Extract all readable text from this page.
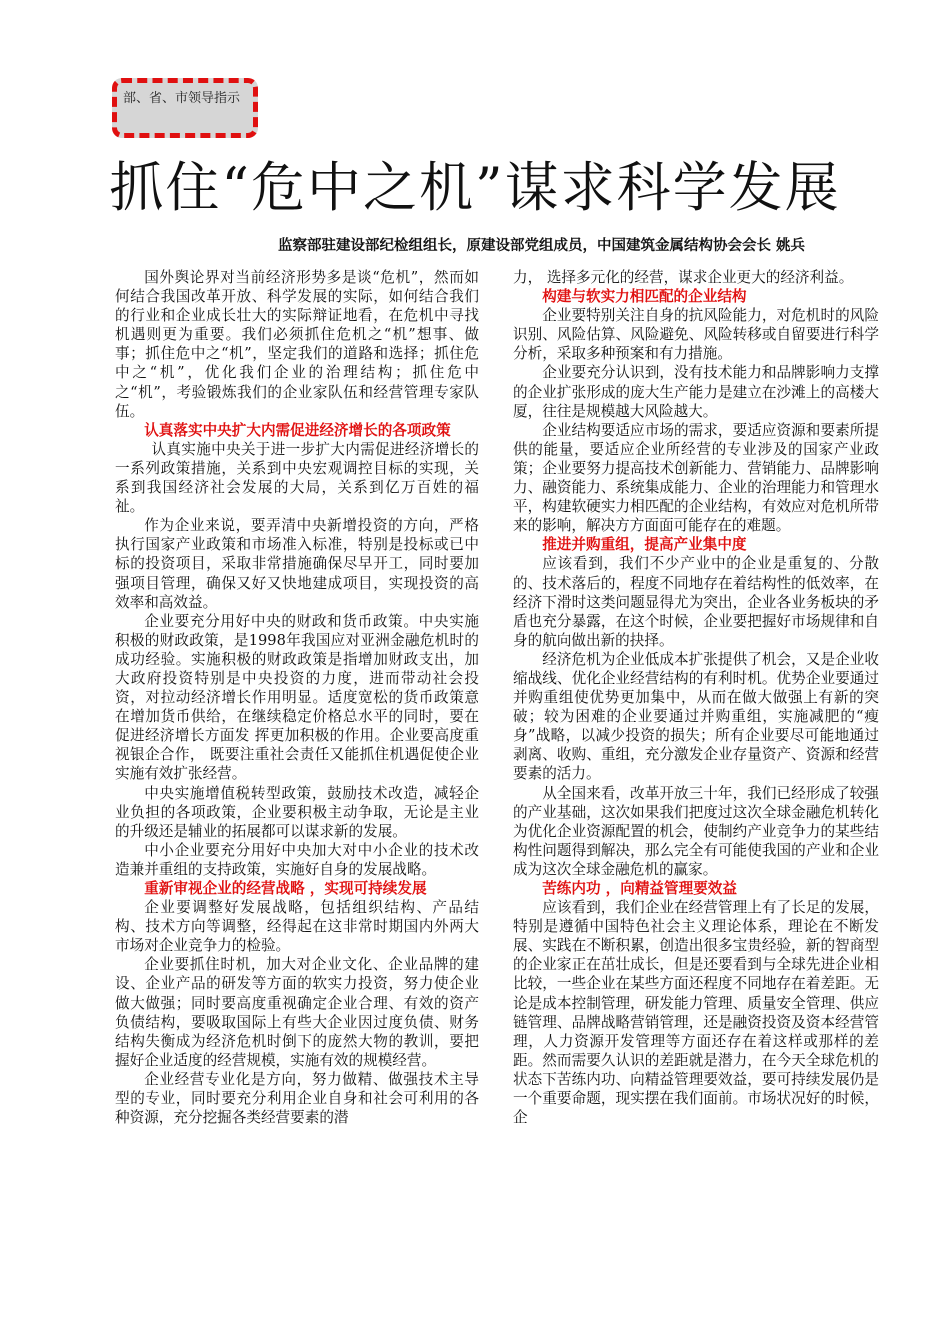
部、省、市领导指示
抓住“危中之机”谋求科学发展
监察部驻建设部纪检组组长，原建设部党组成员，中国建筑金属结构协会会长 姚兵

国外舆论界对当前经济形势多是谈“危机”，然而如何结合我国改革开放、科学发展的实际，如何结合我们的行业和企业成长壮大的实际辩证地看，在危机中寻找机遇则更为重要。我们必须抓住危机之“机”想事、做事；抓住危中之“机”，坚定我们的道路和选择；抓住危中之“机”，优化我们企业的治理结构；抓住危中之“机”，考验锻炼我们的企业家队伍和经营管理专家队伍。

认真落实中央扩大内需促进经济增长的各项政策

认真实施中央关于进一步扩大内需促进经济增长的一系列政策措施，关系到中央宏观调控目标的实现，关系到我国经济社会发展的大局，关系到亿万百姓的福祉。

作为企业来说，要弄清中央新增投资的方向，严格执行国家产业政策和市场准入标准，特别是投标或已中标的投资项目，采取非常措施确保尽早开工，同时要加强项目管理，确保又好又快地建成项目，实现投资的高效率和高效益。

企业要充分用好中央的财政和货币政策。中央实施积极的财政政策，是1998年我国应对亚洲金融危机时的成功经验。实施积极的财政政策是指增加财政支出，加大政府投资特别是中央投资的力度，进而带动社会投资，对拉动经济增长作用明显。适度宽松的货币政策意在增加货币供给，在继续稳定价格总水平的同时，要在促进经济增长方面发 挥更加积极的作用。企业要高度重视银企合作， 既要注重社会责任又能抓住机遇促使企业实施有效扩张经营。

中央实施增值税转型政策，鼓励技术改造，减轻企业负担的各项政策，企业要积极主动争取，无论是主业的升级还是辅业的拓展都可以谋求新的发展。

中小企业要充分用好中央加大对中小企业的技术改造兼并重组的支持政策，实施好自身的发展战略。

重新审视企业的经营战略 ，实现可持续发展

企业要调整好发展战略，包括组织结构、产品结构、技术方向等调整，经得起在这非常时期国内外两大市场对企业竞争力的检验。

企业要抓住时机，加大对企业文化、企业品牌的建设、企业产品的研发等方面的软实力投资，努力使企业做大做强；同时要高度重视确定企业合理、有效的资产负债结构，要吸取国际上有些大企业因过度负债、财务结构失衡成为经济危机时倒下的庞然大物的教训，要把握好企业适度的经营规模，实施有效的规模经营。

企业经营专业化是方向，努力做精、做强技术主导型的专业，同时要充分利用企业自身和社会可利用的各种资源，充分挖掘各类经营要素的潜

力， 选择多元化的经营，谋求企业更大的经济利益。

构建与软实力相匹配的企业结构

企业要特别关注自身的抗风险能力，对危机时的风险识别、风险估算、风险避免、风险转移或自留要进行科学分析，采取多种预案和有力措施。

企业要充分认识到，没有技术能力和品牌影响力支撑的企业扩张形成的庞大生产能力是建立在沙滩上的高楼大厦，往往是规模越大风险越大。

企业结构要适应市场的需求，要适应资源和要素所提供的能量，要适应企业所经营的专业涉及的国家产业政策；企业要努力提高技术创新能力、营销能力、品牌影响力、融资能力、系统集成能力、企业的治理能力和管理水平，构建软硬实力相匹配的企业结构，有效应对危机所带来的影响，解决方方面面可能存在的难题。

推进并购重组，提高产业集中度

应该看到，我们不少产业中的企业是重复的、分散的、技术落后的，程度不同地存在着结构性的低效率，在经济下滑时这类问题显得尤为突出，企业各业务板块的矛盾也充分暴露，在这个时候，企业要把握好市场规律和自身的航向做出新的抉择。

经济危机为企业低成本扩张提供了机会，又是企业收缩战线、优化企业经营结构的有利时机。优势企业要通过并购重组使优势更加集中，从而在做大做强上有新的突破；较为困难的企业要通过并购重组，实施减肥的“瘦身”战略，以减少投资的损失；所有企业要尽可能地通过剥离、收购、重组，充分激发企业存量资产、资源和经营要素的活力。

从全国来看，改革开放三十年，我们已经形成了较强的产业基础，这次如果我们把度过这次全球金融危机转化为优化企业资源配置的机会，使制约产业竞争力的某些结构性问题得到解决，那么完全有可能使我国的产业和企业成为这次全球金融危机的赢家。

苦练内功 ，向精益管理要效益

应该看到，我们企业在经营管理上有了长足的发展，特别是遵循中国特色社会主义理论体系，理论在不断发展、实践在不断积累，创造出很多宝贵经验，新的智商型的企业家正在茁壮成长，但是还要看到与全球先进企业相比较，一些企业在某些方面还程度不同地存在着差距。无论是成本控制管理，研发能力管理、质量安全管理、供应链管理、品牌战略营销管理，还是融资投资及资本经营管 理，人力资源开发管理等方面还存在着这样或那样的差距。然而需要久认识的差距就是潜力，在今天全球危机的状态下苦练内功、向精益管理要效益，要可持续发展仍是一个重要命题，现实摆在我们面前。市场状况好的时候，企
